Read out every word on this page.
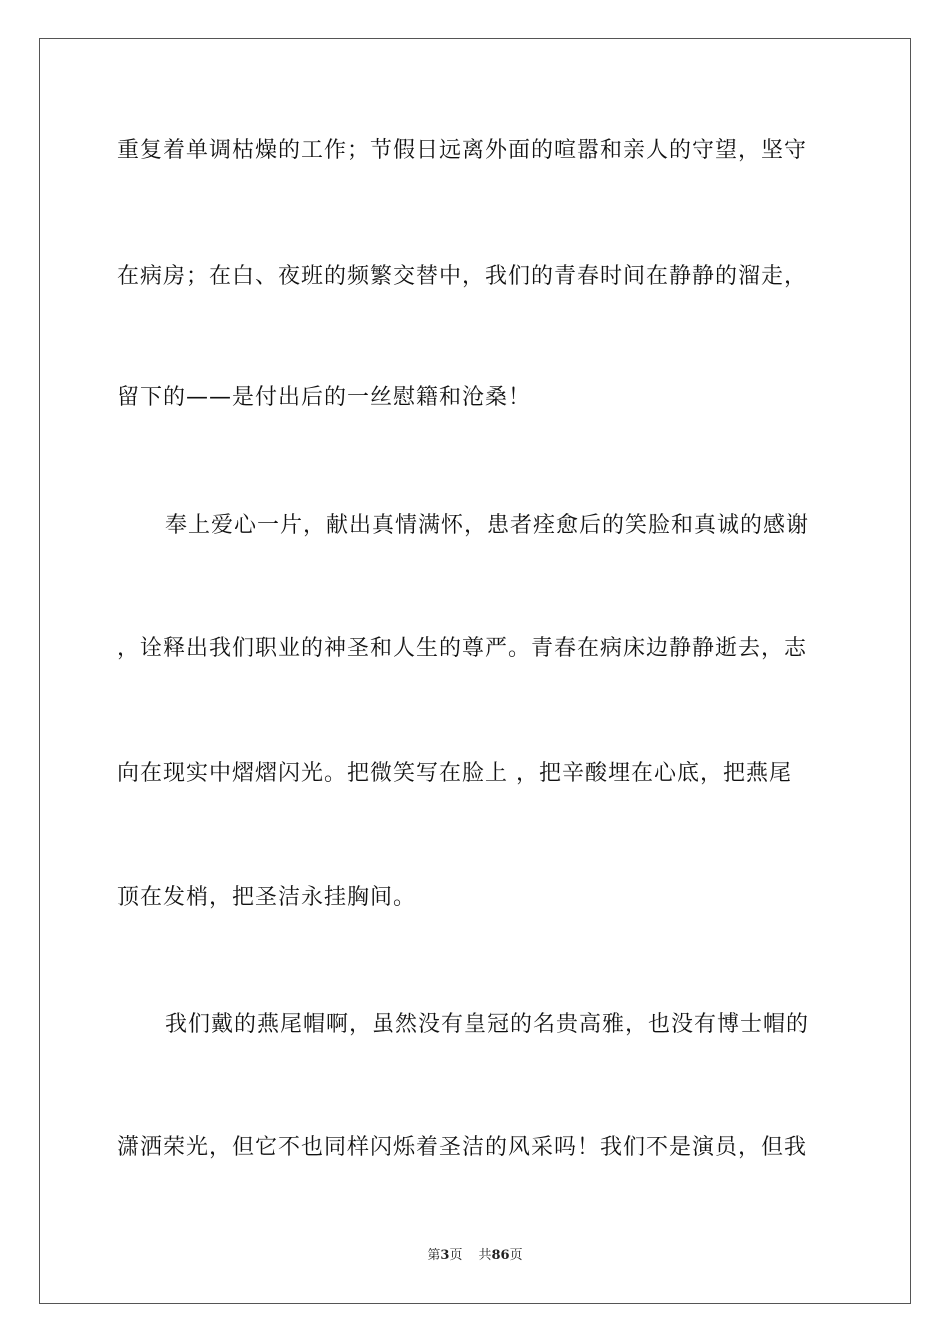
重复着单调枯燥的工作；节假日远离外面的喧嚣和亲人的守望，坚守
在病房；在白、夜班的频繁交替中，我们的青春时间在静静的溜走，
留下的——是付出后的一丝慰籍和沧桑！
奉上爱心一片，献出真情满怀，患者痊愈后的笑脸和真诚的感谢
，诠释出我们职业的神圣和人生的尊严。青春在病床边静静逝去，志
向在现实中熠熠闪光。把微笑写在脸上 ，把辛酸埋在心底，把燕尾
顶在发梢，把圣洁永挂胸间。
我们戴的燕尾帽啊，虽然没有皇冠的名贵高雅，也没有博士帽的
潇洒荣光，但它不也同样闪烁着圣洁的风采吗！我们不是演员，但我
第3页 共86页
